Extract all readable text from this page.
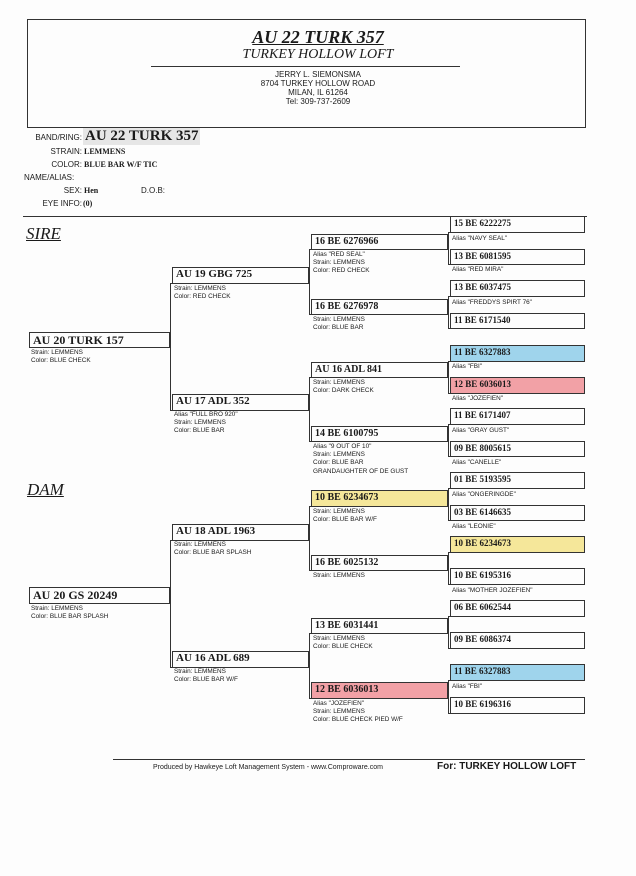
AU 22 TURK 357
TURKEY HOLLOW LOFT
JERRY L. SIEMONSMA
8704 TURKEY HOLLOW ROAD
MILAN, IL 61264
Tel: 309-737-2609
BAND/RING: AU 22 TURK 357
STRAIN: LEMMENS
COLOR: BLUE BAR W/F TIC
NAME/ALIAS:
SEX: Hen	D.O.B:
EYE INFO: (0)
SIRE
DAM
AU 20 TURK 157
Strain: LEMMENS
Color: BLUE CHECK
AU 20 GS 20249
Strain: LEMMENS
Color: BLUE BAR SPLASH
AU 19 GBG 725
Strain: LEMMENS
Color: RED CHECK
AU 17 ADL 352
Alias "FULL BRO 920"
Strain: LEMMENS
Color: BLUE BAR
AU 18 ADL 1963
Strain: LEMMENS
Color: BLUE BAR SPLASH
AU 16 ADL 689
Strain: LEMMENS
Color: BLUE BAR W/F
16 BE 6276966
Alias "RED SEAL"
Strain: LEMMENS
Color: RED CHECK
16 BE 6276978
Strain: LEMMENS
Color: BLUE BAR
AU 16 ADL 841
Strain: LEMMENS
Color: DARK CHECK
14 BE 6100795
Alias "9 OUT OF 10"
Strain: LEMMENS
Color: BLUE BAR
GRANDAUGHTER OF DE GUST
10 BE 6234673
Strain: LEMMENS
Color: BLUE BAR W/F
16 BE 6025132
Strain: LEMMENS
13 BE 6031441
Strain: LEMMENS
Color: BLUE CHECK
12 BE 6036013
Alias "JOZEFIEN"
Strain: LEMMENS
Color: BLUE CHECK PIED W/F
15 BE 6222275
Alias "NAVY SEAL"
13 BE 6081595
Alias "RED MIRA"
13 BE 6037475
Alias "FREDDYS SPIRT 76"
11 BE 6171540
11 BE 6327883
Alias "FBI"
12 BE 6036013
Alias "JOZEFIEN"
11 BE 6171407
Alias "GRAY GUST"
09 BE 8005615
Alias "CANELLE"
01 BE 5193595
Alias "ONGERINGDE"
03 BE 6146635
Alias "LEONIE"
10 BE 6234673
10 BE 6195316
Alias "MOTHER JOZEFIEN"
06 BE 6062544
09 BE 6086374
11 BE 6327883
Alias "FBI"
10 BE 6196316
Produced by Hawkeye Loft Management System - www.Comproware.com	For: TURKEY HOLLOW LOFT
